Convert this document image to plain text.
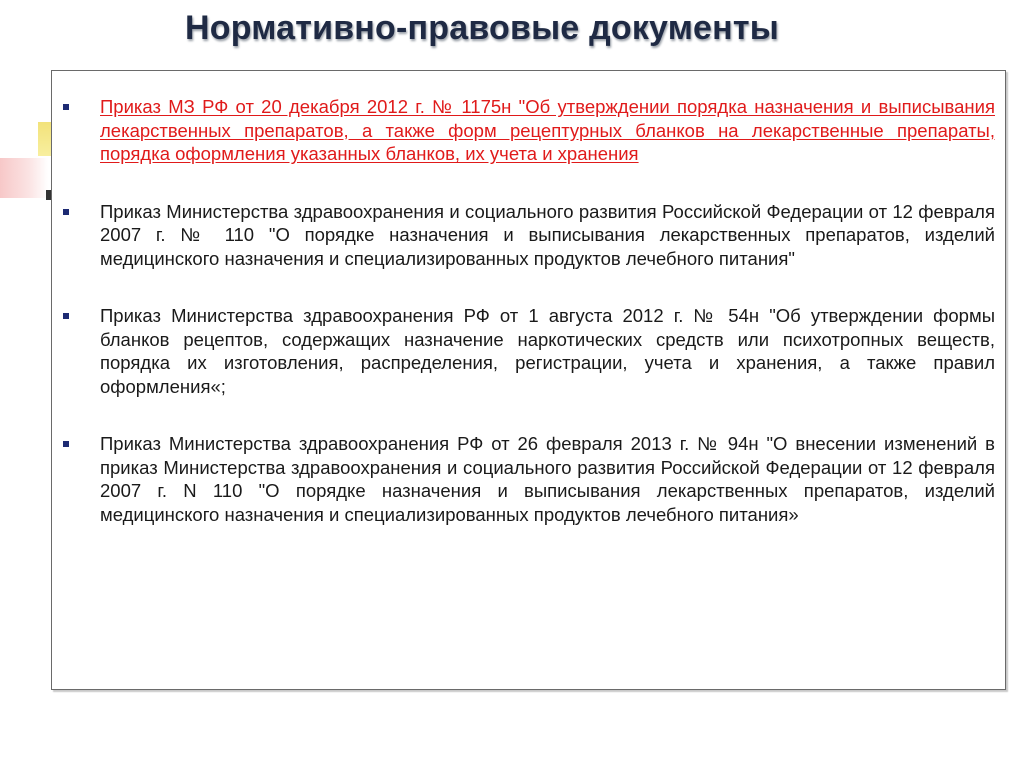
Нормативно-правовые документы
Приказ МЗ РФ от 20 декабря 2012 г. № 1175н "Об утверждении порядка назначения и выписывания лекарственных препаратов, а также форм рецептурных бланков на лекарственные препараты, порядка оформления указанных бланков, их учета и хранения
Приказ Министерства здравоохранения и социального развития Российской Федерации от 12 февраля 2007 г. № 110 "О порядке назначения и выписывания лекарственных препаратов, изделий медицинского назначения и специализированных продуктов лечебного питания"
Приказ Министерства здравоохранения РФ от 1 августа 2012 г. № 54н "Об утверждении формы бланков рецептов, содержащих назначение наркотических средств или психотропных веществ, порядка их изготовления, распределения, регистрации, учета и хранения, а также правил оформления«;
Приказ Министерства здравоохранения РФ от 26 февраля 2013 г. № 94н "О внесении изменений в приказ Министерства здравоохранения и социального развития Российской Федерации от 12 февраля 2007 г. N 110 "О порядке назначения и выписывания лекарственных препаратов, изделий медицинского назначения и специализированных продуктов лечебного питания»
